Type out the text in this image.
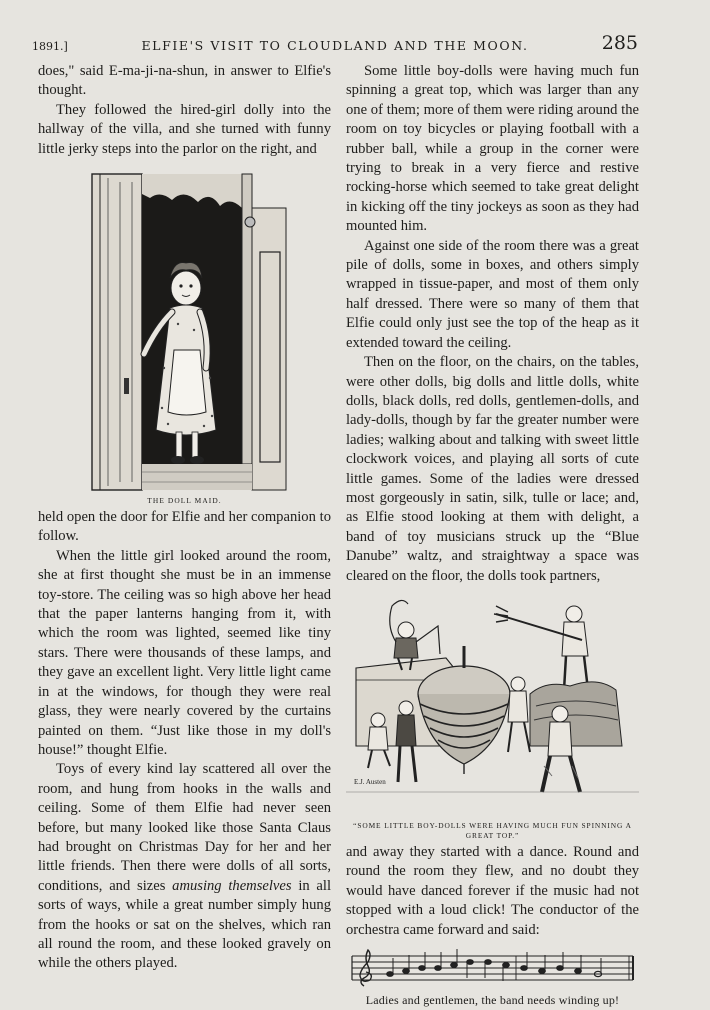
1891.]	ELFIE'S VISIT TO CLOUDLAND AND THE MOON.	285

does," said E-ma-ji-na-shun, in answer to Elfie's thought.

They followed the hired-girl dolly into the hallway of the villa, and she turned with funny little jerky steps into the parlor on the right, and

THE DOLL MAID.

held open the door for Elfie and her companion to follow.

When the little girl looked around the room, she at first thought she must be in an immense toy-store. The ceiling was so high above her head that the paper lanterns hanging from it, with which the room was lighted, seemed like tiny stars. There were thousands of these lamps, and they gave an excellent light. Very little light came in at the windows, for though they were real glass, they were nearly covered by the curtains painted on them. “Just like those in my doll's house!” thought Elfie.

Toys of every kind lay scattered all over the room, and hung from hooks in the walls and ceiling. Some of them Elfie had never seen before, but many looked like those Santa Claus had brought on Christmas Day for her and her little friends. Then there were dolls of all sorts, conditions, and sizes amusing themselves in all sorts of ways, while a great number simply hung from the hooks or sat on the shelves, which ran all round the room, and these looked gravely on while the others played.

Some little boy-dolls were having much fun spinning a great top, which was larger than any one of them; more of them were riding around the room on toy bicycles or playing football with a rubber ball, while a group in the corner were trying to break in a very fierce and restive rocking-horse which seemed to take great delight in kicking off the tiny jockeys as soon as they had mounted him.

Against one side of the room there was a great pile of dolls, some in boxes, and others simply wrapped in tissue-paper, and most of them only half dressed. There were so many of them that Elfie could only just see the top of the heap as it extended toward the ceiling.

Then on the floor, on the chairs, on the tables, were other dolls, big dolls and little dolls, white dolls, black dolls, red dolls, gentlemen-dolls, and lady-dolls, though by far the greater number were ladies; walking about and talking with sweet little clockwork voices, and playing all sorts of cute little games. Some of the ladies were dressed most gorgeously in satin, silk, tulle or lace; and, as Elfie stood looking at them with delight, a band of toy musicians struck up the “Blue Danube” waltz, and straightway a space was cleared on the floor, the dolls took partners,

E.J. Austen
“SOME LITTLE BOY-DOLLS WERE HAVING MUCH FUN SPINNING A GREAT TOP.”

and away they started with a dance. Round and round the room they flew, and no doubt they would have danced forever if the music had not stopped with a loud click! The conductor of the orchestra came forward and said:

Ladies and gentlemen, the band needs winding up!
